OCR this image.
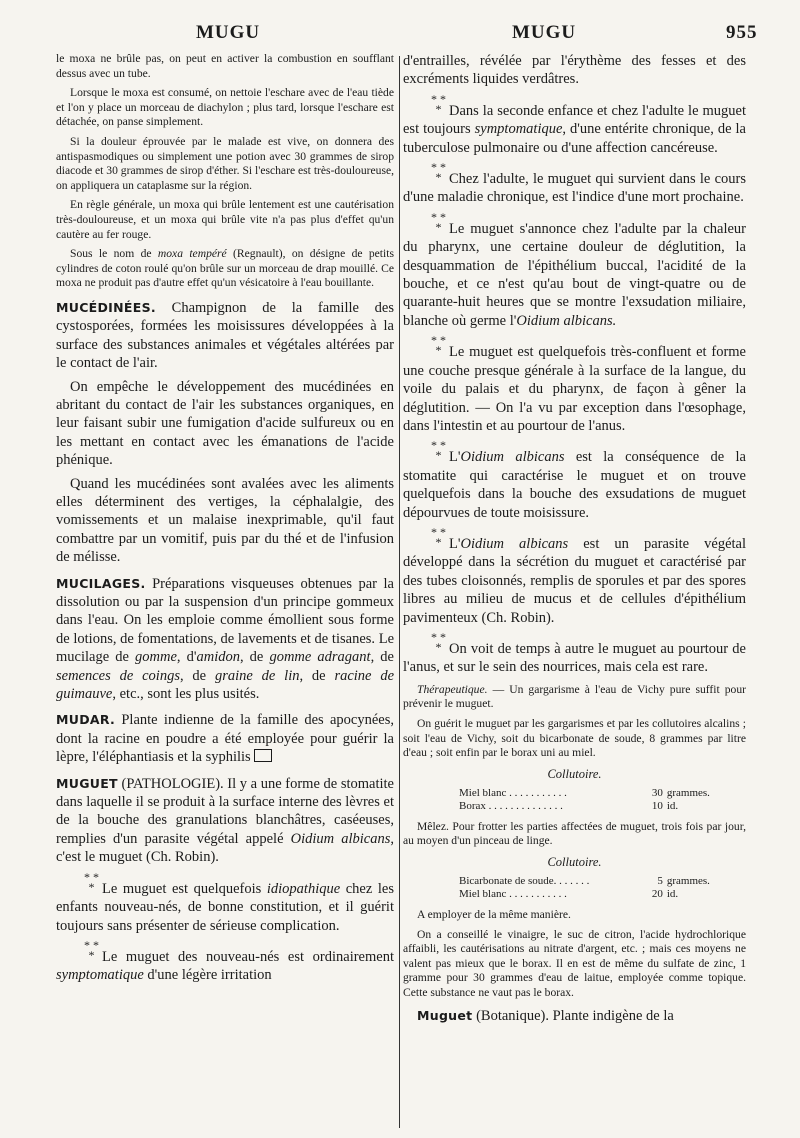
MUGU	MUGU	955

le moxa ne brûle pas, on peut en activer la combustion en soufflant dessus avec un tube.

Lorsque le moxa est consumé, on nettoie l'eschare avec de l'eau tiède et l'on y place un morceau de diachylon ; plus tard, lorsque l'eschare est détachée, on panse simplement.

Si la douleur éprouvée par le malade est vive, on donnera des antispasmodiques ou simplement une potion avec 30 grammes de sirop diacode et 30 grammes de sirop d'éther. Si l'eschare est très-douloureuse, on appliquera un cataplasme sur la région.

En règle générale, un moxa qui brûle lentement est une cautérisation très-douloureuse, et un moxa qui brûle vite n'a pas plus d'effet qu'un cautère au fer rouge.

Sous le nom de moxa tempéré (Regnault), on désigne de petits cylindres de coton roulé qu'on brûle sur un morceau de drap mouillé. Ce moxa ne produit pas d'autre effet qu'un vésicatoire à l'eau bouillante.

MUCÉDINÉES. Champignon de la famille des cystosporées, formées les moisissures développées à la surface des substances animales et végétales altérées par le contact de l'air.

On empêche le développement des mucédinées en abritant du contact de l'air les substances organiques, en leur faisant subir une fumigation d'acide sulfureux ou en les mettant en contact avec les émanations de l'acide phénique.

Quand les mucédinées sont avalées avec les aliments elles déterminent des vertiges, la céphalalgie, des vomissements et un malaise inexprimable, qu'il faut combattre par un vomitif, puis par du thé et de l'infusion de mélisse.

MUCILAGES. Préparations visqueuses obtenues par la dissolution ou par la suspension d'un principe gommeux dans l'eau. On les emploie comme émollient sous forme de lotions, de fomentations, de lavements et de tisanes. Le mucilage de gomme, d'amidon, de gomme adragant, de semences de coings, de graine de lin, de racine de guimauve, etc., sont les plus usités.

MUDAR. Plante indienne de la famille des apocynées, dont la racine en poudre a été employée pour guérir la lèpre, l'éléphantiasis et la syphilis

MUGUET (PATHOLOGIE). Il y a une forme de stomatite dans laquelle il se produit à la surface interne des lèvres et de la bouche des granulations blanchâtres, caséeuses, remplies d'un parasite végétal appelé Oidium albicans, c'est le muguet (Ch. Robin).

* *
* Le muguet est quelquefois idiopathique chez les enfants nouveau-nés, de bonne constitution, et il guérit toujours sans présenter de sérieuse complication.

* *
* Le muguet des nouveau-nés est ordinairement symptomatique d'une légère irritation

d'entrailles, révélée par l'érythème des fesses et des excréments liquides verdâtres.

* *
* Dans la seconde enfance et chez l'adulte le muguet est toujours symptomatique, d'une entérite chronique, de la tuberculose pulmonaire ou d'une affection cancéreuse.

* *
* Chez l'adulte, le muguet qui survient dans le cours d'une maladie chronique, est l'indice d'une mort prochaine.

* *
* Le muguet s'annonce chez l'adulte par la chaleur du pharynx, une certaine douleur de déglutition, la desquammation de l'épithélium buccal, l'acidité de la bouche, et ce n'est qu'au bout de vingt-quatre ou de quarante-huit heures que se montre l'exsudation miliaire, blanche où germe l'Oidium albicans.

* *
* Le muguet est quelquefois très-confluent et forme une couche presque générale à la surface de la langue, du voile du palais et du pharynx, de façon à gêner la déglutition. — On l'a vu par exception dans l'œsophage, dans l'intestin et au pourtour de l'anus.

* *
* L'Oidium albicans est la conséquence de la stomatite qui caractérise le muguet et on trouve quelquefois dans la bouche des exsudations de muguet dépourvues de toute moisissure.

* *
* L'Oidium albicans est un parasite végétal développé dans la sécrétion du muguet et caractérisé par des tubes cloisonnés, remplis de sporules et par des spores libres au milieu de mucus et de cellules d'épithélium pavimenteux (Ch. Robin).

* *
* On voit de temps à autre le muguet au pourtour de l'anus, et sur le sein des nourrices, mais cela est rare.

Thérapeutique. — Un gargarisme à l'eau de Vichy pure suffit pour prévenir le muguet.

On guérit le muguet par les gargarismes et par les collutoires alcalins ; soit l'eau de Vichy, soit du bicarbonate de soude, 8 grammes par litre d'eau ; soit enfin par le borax uni au miel.

Collutoire.
Miel blanc . . . . . . . . . . .	30 grammes.
Borax . . . . . . . . . . . . . .	10 id.

Mêlez. Pour frotter les parties affectées de muguet, trois fois par jour, au moyen d'un pinceau de linge.

Collutoire.
Bicarbonate de soude. . . . . . .	5 grammes.
Miel blanc . . . . . . . . . . .	20 id.

A employer de la même manière.

On a conseillé le vinaigre, le suc de citron, l'acide hydrochlorique affaibli, les cautérisations au nitrate d'argent, etc. ; mais ces moyens ne valent pas mieux que le borax. Il en est de même du sulfate de zinc, 1 gramme pour 30 grammes d'eau de laitue, employée comme topique. Cette substance ne vaut pas le borax.

Muguet (Botanique). Plante indigène de la
